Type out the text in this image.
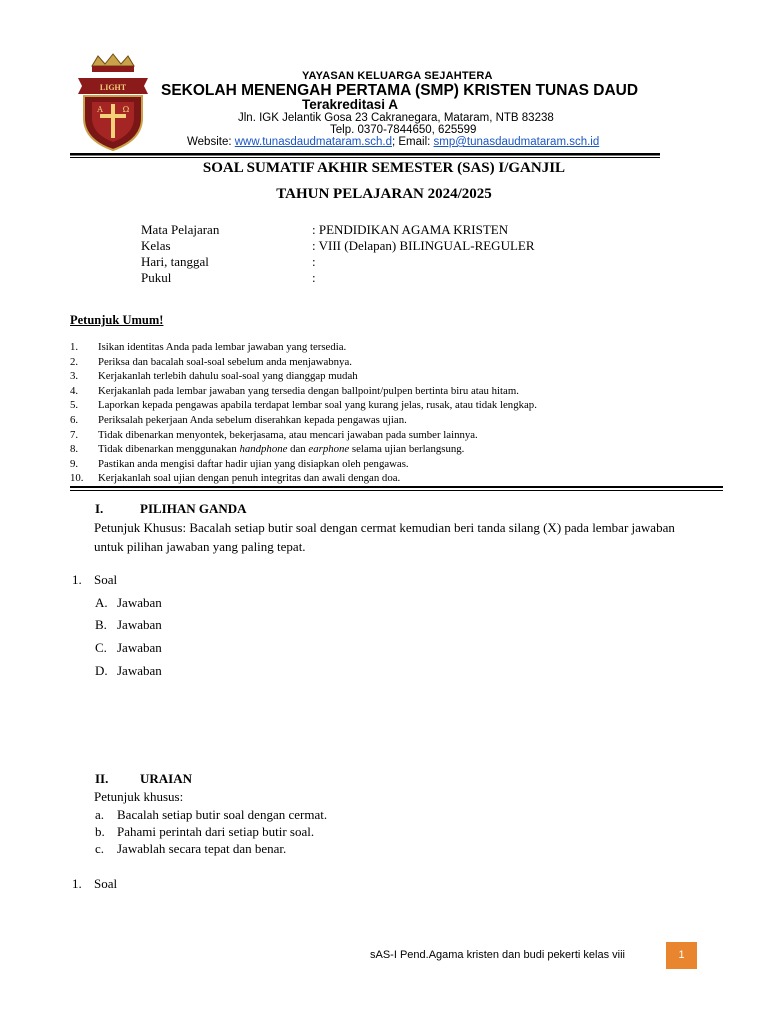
LIGHT
A Ω
YAYASAN KELUARGA SEJAHTERA
SEKOLAH MENENGAH PERTAMA (SMP) KRISTEN TUNAS DAUD
Terakreditasi A
Jln. IGK Jelantik Gosa 23 Cakranegara, Mataram, NTB 83238
Telp. 0370-7844650, 625599
Website: www.tunasdaudmataram.sch.d; Email: smp@tunasdaudmataram.sch.id
SOAL SUMATIF AKHIR SEMESTER (SAS) I/GANJIL
TAHUN PELAJARAN 2024/2025
Mata Pelajaran	: PENDIDIKAN AGAMA KRISTEN
Kelas	: VIII (Delapan) BILINGUAL-REGULER
Hari, tanggal	:
Pukul	:
Petunjuk Umum!
1. Isikan identitas Anda pada lembar jawaban yang tersedia.
2. Periksa dan bacalah soal-soal sebelum anda menjawabnya.
3. Kerjakanlah terlebih dahulu soal-soal yang dianggap mudah
4. Kerjakanlah pada lembar jawaban yang tersedia dengan ballpoint/pulpen bertinta biru atau hitam.
5. Laporkan kepada pengawas apabila terdapat lembar soal yang kurang jelas, rusak, atau tidak lengkap.
6. Periksalah pekerjaan Anda sebelum diserahkan kepada pengawas ujian.
7. Tidak dibenarkan menyontek, bekerjasama, atau mencari jawaban pada sumber lainnya.
8. Tidak dibenarkan menggunakan handphone dan earphone selama ujian berlangsung.
9. Pastikan anda mengisi daftar hadir ujian yang disiapkan oleh pengawas.
10. Kerjakanlah soal ujian dengan penuh integritas dan awali dengan doa.
I.	PILIHAN GANDA
Petunjuk Khusus: Bacalah setiap butir soal dengan cermat kemudian beri tanda silang (X) pada lembar jawaban untuk pilihan jawaban yang paling tepat.
1. Soal
A. Jawaban
B. Jawaban
C. Jawaban
D. Jawaban
II. URAIAN
Petunjuk khusus:
a. Bacalah setiap butir soal dengan cermat.
b. Pahami perintah dari setiap butir soal.
c. Jawablah secara tepat dan benar.
1. Soal
sAS-I Pend.Agama kristen dan budi pekerti kelas viii	1
